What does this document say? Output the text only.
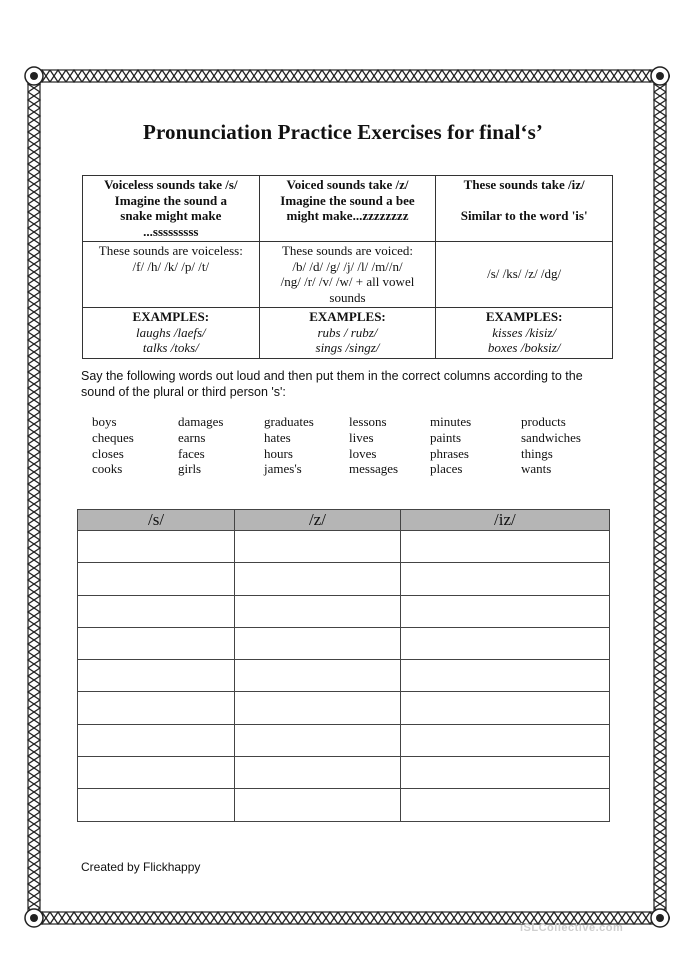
Pronunciation Practice Exercises for final‘s’
Voiceless sounds take /s/
Imagine the sound a
snake might make
...sssssssss	Voiced sounds take /z/
Imagine the sound a bee
might make...zzzzzzzz	These sounds take /iz/
Similar to the word 'is'

These sounds are voiceless:
/f/ /h/ /k/ /p/ /t/	These sounds are voiced:
/b/ /d/ /g/ /j/ /l/ /m//n/
/ng/ /r/ /v/ /w/ + all vowel
sounds	/s/ /ks/ /z/ /dg/

EXAMPLES:
laughs /laefs/
talks /toks/	EXAMPLES:
rubs / rubz/
sings /singz/	EXAMPLES:
kisses /kisiz/
boxes /boksiz/
Say the following words out loud and then put them in the correct columns according to the sound of the plural or third person 's':
boys
cheques
closes
cooks
damages
earns
faces
girls
graduates
hates
hours
james's
lessons
lives
loves
messages
minutes
paints
phrases
places
products
sandwiches
things
wants
/s/	/z/	/iz/

Created by Flickhappy
iSLCollective.com
